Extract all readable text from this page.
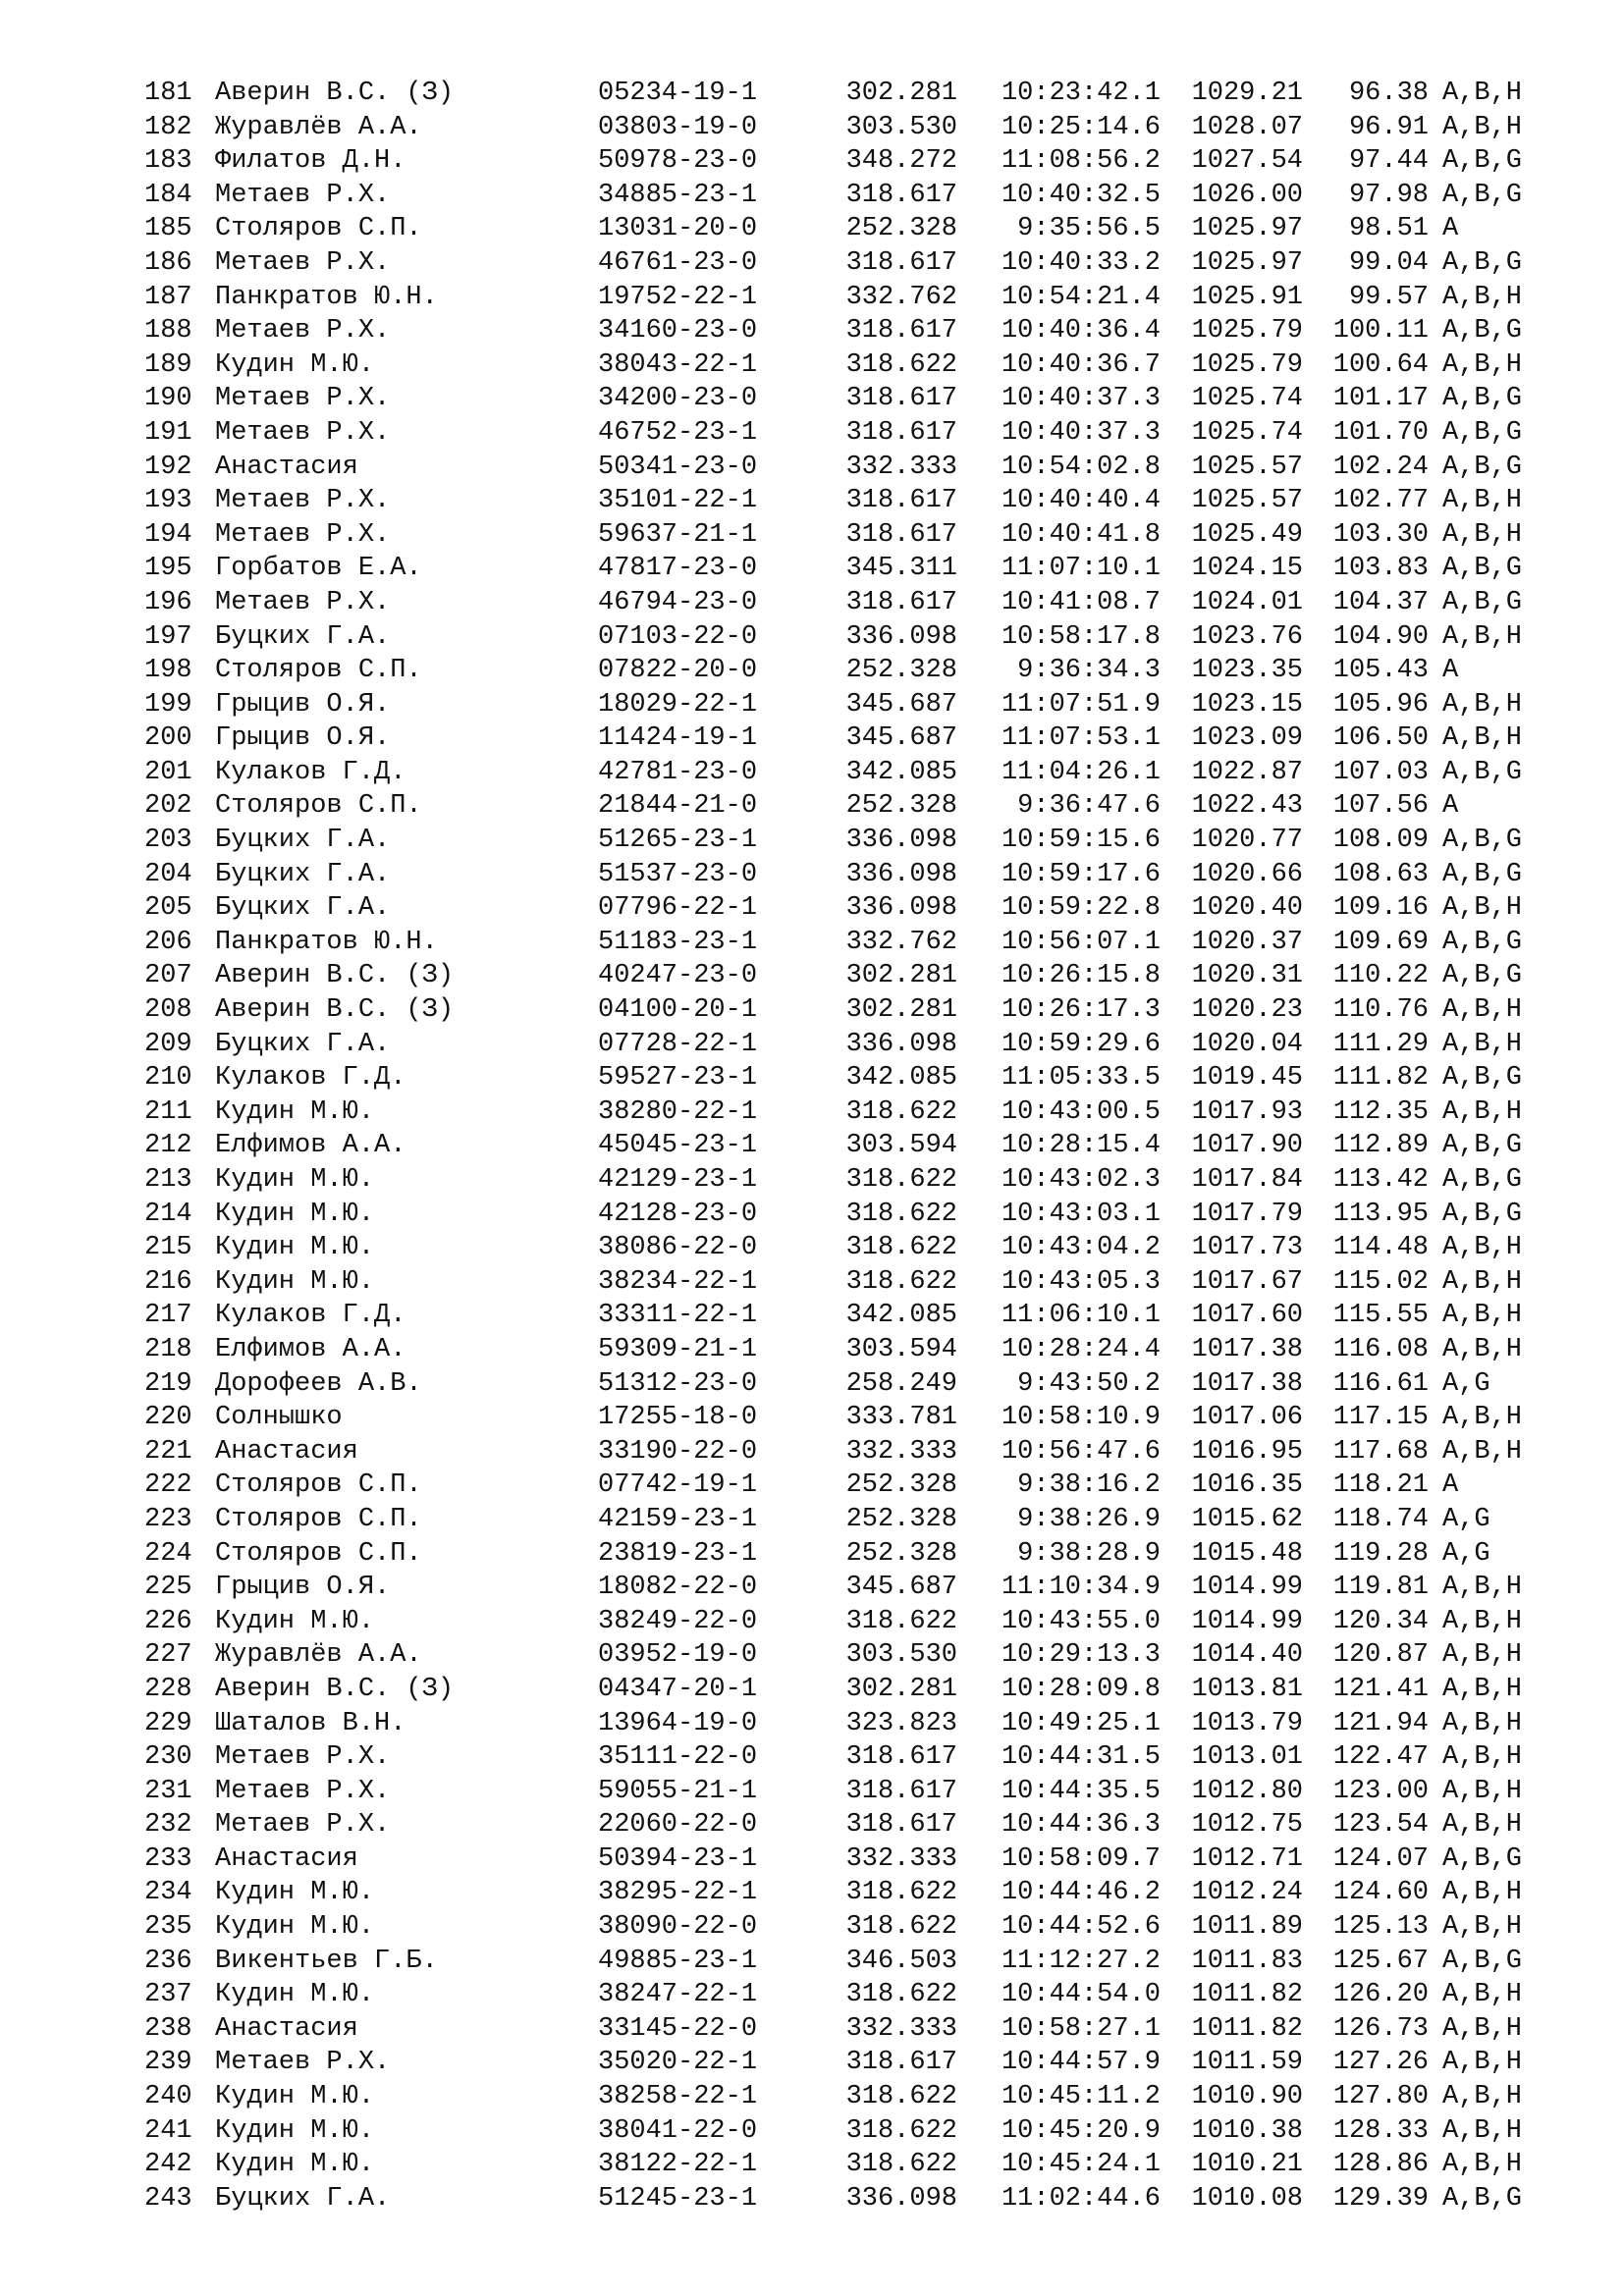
181 Аверин В.С. (З)	05234-19-1	302.281	10:23:42.1	1029.21	96.38 A,B,H
182 Журавлёв А.А.	03803-19-0	303.530	10:25:14.6	1028.07	96.91 A,B,H
183 Филатов Д.Н.	50978-23-0	348.272	11:08:56.2	1027.54	97.44 A,B,G
184 Метаев Р.Х.	34885-23-1	318.617	10:40:32.5	1026.00	97.98 A,B,G
185 Столяров С.П.	13031-20-0	252.328	9:35:56.5	1025.97	98.51 A
186 Метаев Р.Х.	46761-23-0	318.617	10:40:33.2	1025.97	99.04 A,B,G
187 Панкратов Ю.Н.	19752-22-1	332.762	10:54:21.4	1025.91	99.57 A,B,H
188 Метаев Р.Х.	34160-23-0	318.617	10:40:36.4	1025.79	100.11 A,B,G
189 Кудин М.Ю.	38043-22-1	318.622	10:40:36.7	1025.79	100.64 A,B,H
190 Метаев Р.Х.	34200-23-0	318.617	10:40:37.3	1025.74	101.17 A,B,G
191 Метаев Р.Х.	46752-23-1	318.617	10:40:37.3	1025.74	101.70 A,B,G
192 Анастасия	50341-23-0	332.333	10:54:02.8	1025.57	102.24 A,B,G
193 Метаев Р.Х.	35101-22-1	318.617	10:40:40.4	1025.57	102.77 A,B,H
194 Метаев Р.Х.	59637-21-1	318.617	10:40:41.8	1025.49	103.30 A,B,H
195 Горбатов Е.А.	47817-23-0	345.311	11:07:10.1	1024.15	103.83 A,B,G
196 Метаев Р.Х.	46794-23-0	318.617	10:41:08.7	1024.01	104.37 A,B,G
197 Буцких Г.А.	07103-22-0	336.098	10:58:17.8	1023.76	104.90 A,B,H
198 Столяров С.П.	07822-20-0	252.328	9:36:34.3	1023.35	105.43 A
199 Грыцив О.Я.	18029-22-1	345.687	11:07:51.9	1023.15	105.96 A,B,H
200 Грыцив О.Я.	11424-19-1	345.687	11:07:53.1	1023.09	106.50 A,B,H
201 Кулаков Г.Д.	42781-23-0	342.085	11:04:26.1	1022.87	107.03 A,B,G
202 Столяров С.П.	21844-21-0	252.328	9:36:47.6	1022.43	107.56 A
203 Буцких Г.А.	51265-23-1	336.098	10:59:15.6	1020.77	108.09 A,B,G
204 Буцких Г.А.	51537-23-0	336.098	10:59:17.6	1020.66	108.63 A,B,G
205 Буцких Г.А.	07796-22-1	336.098	10:59:22.8	1020.40	109.16 A,B,H
206 Панкратов Ю.Н.	51183-23-1	332.762	10:56:07.1	1020.37	109.69 A,B,G
207 Аверин В.С. (З)	40247-23-0	302.281	10:26:15.8	1020.31	110.22 A,B,G
208 Аверин В.С. (З)	04100-20-1	302.281	10:26:17.3	1020.23	110.76 A,B,H
209 Буцких Г.А.	07728-22-1	336.098	10:59:29.6	1020.04	111.29 A,B,H
210 Кулаков Г.Д.	59527-23-1	342.085	11:05:33.5	1019.45	111.82 A,B,G
211 Кудин М.Ю.	38280-22-1	318.622	10:43:00.5	1017.93	112.35 A,B,H
212 Елфимов А.А.	45045-23-1	303.594	10:28:15.4	1017.90	112.89 A,B,G
213 Кудин М.Ю.	42129-23-1	318.622	10:43:02.3	1017.84	113.42 A,B,G
214 Кудин М.Ю.	42128-23-0	318.622	10:43:03.1	1017.79	113.95 A,B,G
215 Кудин М.Ю.	38086-22-0	318.622	10:43:04.2	1017.73	114.48 A,B,H
216 Кудин М.Ю.	38234-22-1	318.622	10:43:05.3	1017.67	115.02 A,B,H
217 Кулаков Г.Д.	33311-22-1	342.085	11:06:10.1	1017.60	115.55 A,B,H
218 Елфимов А.А.	59309-21-1	303.594	10:28:24.4	1017.38	116.08 A,B,H
219 Дорофеев А.В.	51312-23-0	258.249	9:43:50.2	1017.38	116.61 A,G
220 Солнышко	17255-18-0	333.781	10:58:10.9	1017.06	117.15 A,B,H
221 Анастасия	33190-22-0	332.333	10:56:47.6	1016.95	117.68 A,B,H
222 Столяров С.П.	07742-19-1	252.328	9:38:16.2	1016.35	118.21 A
223 Столяров С.П.	42159-23-1	252.328	9:38:26.9	1015.62	118.74 A,G
224 Столяров С.П.	23819-23-1	252.328	9:38:28.9	1015.48	119.28 A,G
225 Грыцив О.Я.	18082-22-0	345.687	11:10:34.9	1014.99	119.81 A,B,H
226 Кудин М.Ю.	38249-22-0	318.622	10:43:55.0	1014.99	120.34 A,B,H
227 Журавлёв А.А.	03952-19-0	303.530	10:29:13.3	1014.40	120.87 A,B,H
228 Аверин В.С. (З)	04347-20-1	302.281	10:28:09.8	1013.81	121.41 A,B,H
229 Шаталов В.Н.	13964-19-0	323.823	10:49:25.1	1013.79	121.94 A,B,H
230 Метаев Р.Х.	35111-22-0	318.617	10:44:31.5	1013.01	122.47 A,B,H
231 Метаев Р.Х.	59055-21-1	318.617	10:44:35.5	1012.80	123.00 A,B,H
232 Метаев Р.Х.	22060-22-0	318.617	10:44:36.3	1012.75	123.54 A,B,H
233 Анастасия	50394-23-1	332.333	10:58:09.7	1012.71	124.07 A,B,G
234 Кудин М.Ю.	38295-22-1	318.622	10:44:46.2	1012.24	124.60 A,B,H
235 Кудин М.Ю.	38090-22-0	318.622	10:44:52.6	1011.89	125.13 A,B,H
236 Викентьев Г.Б.	49885-23-1	346.503	11:12:27.2	1011.83	125.67 A,B,G
237 Кудин М.Ю.	38247-22-1	318.622	10:44:54.0	1011.82	126.20 A,B,H
238 Анастасия	33145-22-0	332.333	10:58:27.1	1011.82	126.73 A,B,H
239 Метаев Р.Х.	35020-22-1	318.617	10:44:57.9	1011.59	127.26 A,B,H
240 Кудин М.Ю.	38258-22-1	318.622	10:45:11.2	1010.90	127.80 A,B,H
241 Кудин М.Ю.	38041-22-0	318.622	10:45:20.9	1010.38	128.33 A,B,H
242 Кудин М.Ю.	38122-22-1	318.622	10:45:24.1	1010.21	128.86 A,B,H
243 Буцких Г.А.	51245-23-1	336.098	11:02:44.6	1010.08	129.39 A,B,G
